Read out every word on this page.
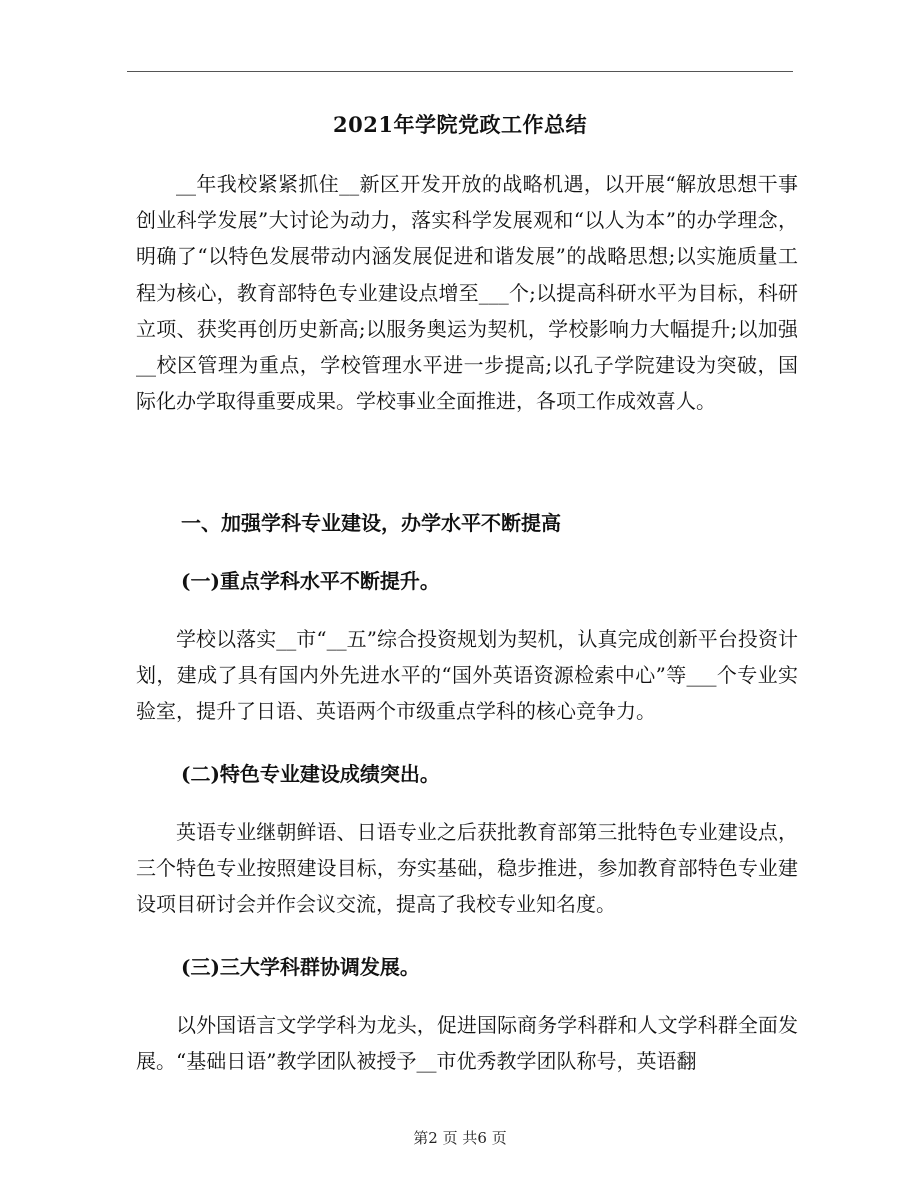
2021年学院党政工作总结

__年我校紧紧抓住__新区开发开放的战略机遇，以开展“解放思想干事创业科学发展”大讨论为动力，落实科学发展观和“以人为本”的办学理念，明确了“以特色发展带动内涵发展促进和谐发展”的战略思想;以实施质量工程为核心，教育部特色专业建设点增至___个;以提高科研水平为目标，科研立项、获奖再创历史新高;以服务奥运为契机，学校影响力大幅提升;以加强__校区管理为重点，学校管理水平进一步提高;以孔子学院建设为突破，国际化办学取得重要成果。学校事业全面推进，各项工作成效喜人。

一、加强学科专业建设，办学水平不断提高

(一)重点学科水平不断提升。

学校以落实__市“__五”综合投资规划为契机，认真完成创新平台投资计划，建成了具有国内外先进水平的“国外英语资源检索中心”等___个专业实验室，提升了日语、英语两个市级重点学科的核心竞争力。

(二)特色专业建设成绩突出。

英语专业继朝鲜语、日语专业之后获批教育部第三批特色专业建设点，三个特色专业按照建设目标，夯实基础，稳步推进，参加教育部特色专业建设项目研讨会并作会议交流，提高了我校专业知名度。

(三)三大学科群协调发展。

以外国语言文学学科为龙头，促进国际商务学科群和人文学科群全面发展。“基础日语”教学团队被授予__市优秀教学团队称号，英语翻

第2 页 共6 页
